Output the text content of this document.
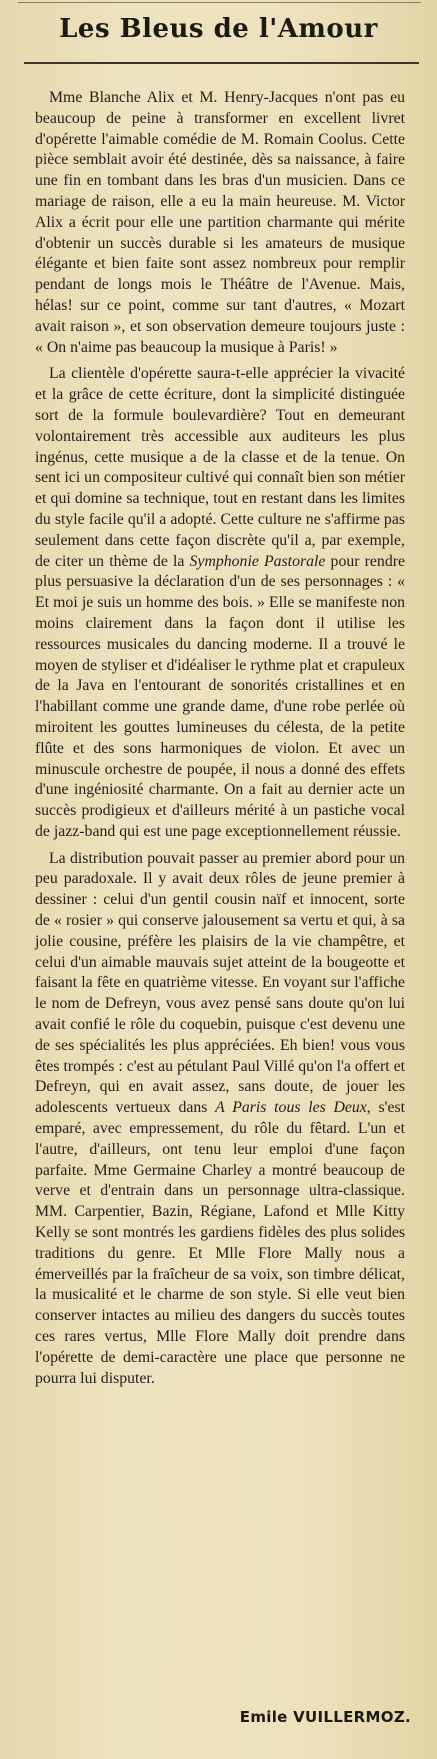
Les Bleus de l'Amour

Mme Blanche Alix et M. Henry-Jacques n'ont pas eu beaucoup de peine à transformer en excellent livret d'opérette l'aimable comédie de M. Romain Coolus. Cette pièce semblait avoir été destinée, dès sa naissance, à faire une fin en tombant dans les bras d'un musicien. Dans ce mariage de raison, elle a eu la main heureuse. M. Victor Alix a écrit pour elle une partition charmante qui mérite d'obtenir un succès durable si les amateurs de musique élégante et bien faite sont assez nombreux pour remplir pendant de longs mois le Théâtre de l'Avenue. Mais, hélas! sur ce point, comme sur tant d'autres, « Mozart avait raison », et son observation demeure toujours juste : « On n'aime pas beaucoup la musique à Paris! »

La clientèle d'opérette saura-t-elle apprécier la vivacité et la grâce de cette écriture, dont la simplicité distinguée sort de la formule boulevardière? Tout en demeurant volontairement très accessible aux auditeurs les plus ingénus, cette musique a de la classe et de la tenue. On sent ici un compositeur cultivé qui connaît bien son métier et qui domine sa technique, tout en restant dans les limites du style facile qu'il a adopté. Cette culture ne s'affirme pas seulement dans cette façon discrète qu'il a, par exemple, de citer un thème de la Symphonie Pastorale pour rendre plus persuasive la déclaration d'un de ses personnages : « Et moi je suis un homme des bois. » Elle se manifeste non moins clairement dans la façon dont il utilise les ressources musicales du dancing moderne. Il a trouvé le moyen de styliser et d'idéaliser le rythme plat et crapuleux de la Java en l'entourant de sonorités cristallines et en l'habillant comme une grande dame, d'une robe perlée où miroitent les gouttes lumineuses du célesta, de la petite flûte et des sons harmoniques de violon. Et avec un minuscule orchestre de poupée, il nous a donné des effets d'une ingéniosité charmante. On a fait au dernier acte un succès prodigieux et d'ailleurs mérité à un pastiche vocal de jazz-band qui est une page exceptionnellement réussie.

La distribution pouvait passer au premier abord pour un peu paradoxale. Il y avait deux rôles de jeune premier à dessiner : celui d'un gentil cousin naïf et innocent, sorte de « rosier » qui conserve jalousement sa vertu et qui, à sa jolie cousine, préfère les plaisirs de la vie champêtre, et celui d'un aimable mauvais sujet atteint de la bougeotte et faisant la fête en quatrième vitesse. En voyant sur l'affiche le nom de Defreyn, vous avez pensé sans doute qu'on lui avait confié le rôle du coquebin, puisque c'est devenu une de ses spécialités les plus appréciées. Eh bien! vous vous êtes trompés : c'est au pétulant Paul Villé qu'on l'a offert et Defreyn, qui en avait assez, sans doute, de jouer les adolescents vertueux dans A Paris tous les Deux, s'est emparé, avec empressement, du rôle du fêtard. L'un et l'autre, d'ailleurs, ont tenu leur emploi d'une façon parfaite. Mme Germaine Charley a montré beaucoup de verve et d'entrain dans un personnage ultra-classique. MM. Carpentier, Bazin, Régiane, Lafond et Mlle Kitty Kelly se sont montrés les gardiens fidèles des plus solides traditions du genre. Et Mlle Flore Mally nous a émerveillés par la fraîcheur de sa voix, son timbre délicat, la musicalité et le charme de son style. Si elle veut bien conserver intactes au milieu des dangers du succès toutes ces rares vertus, Mlle Flore Mally doit prendre dans l'opérette de demi-caractère une place que personne ne pourra lui disputer.

Emile VUILLERMOZ.
